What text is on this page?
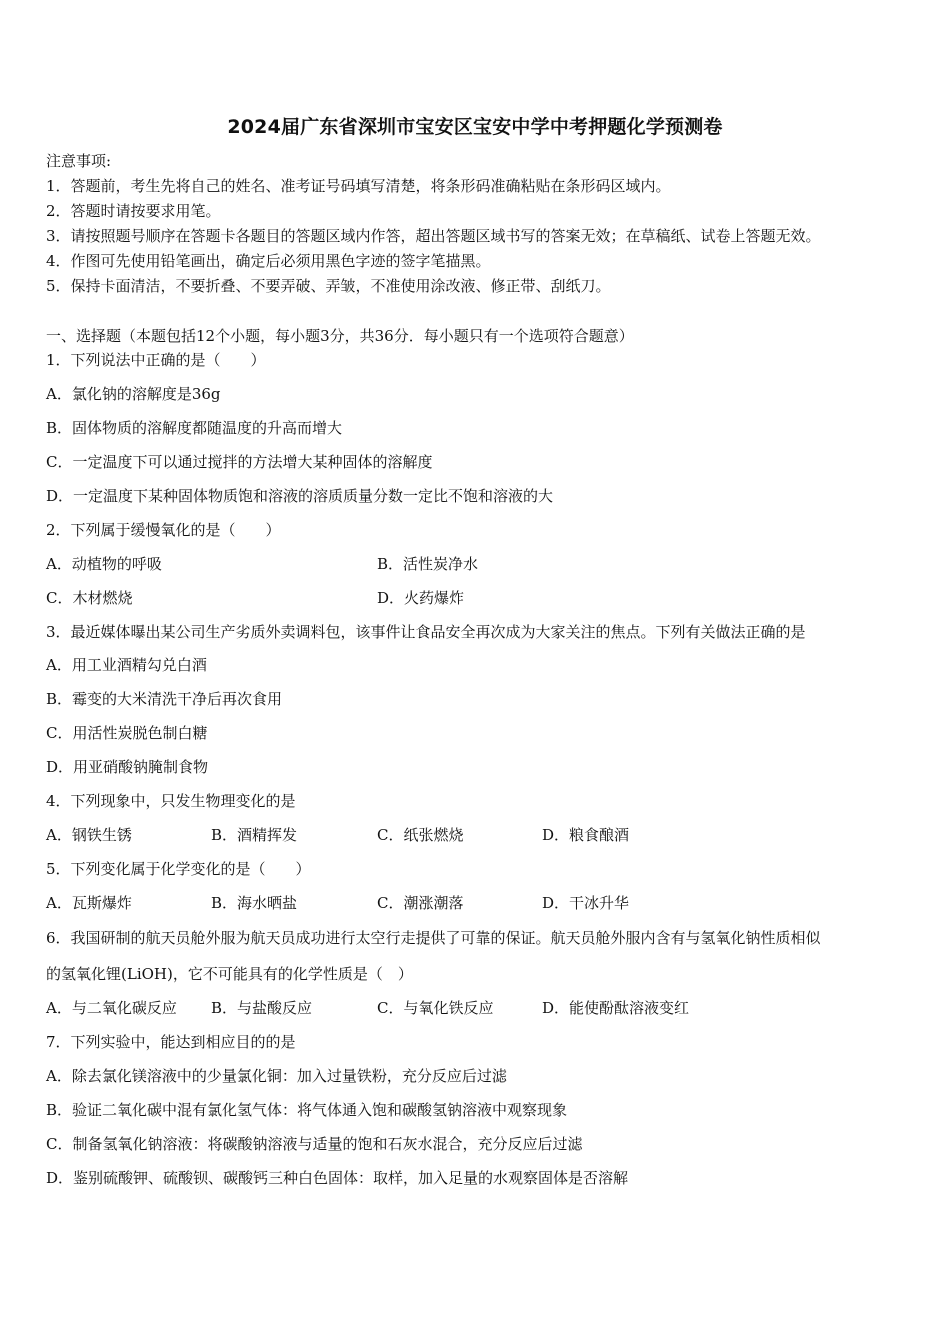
2024届广东省深圳市宝安区宝安中学中考押题化学预测卷
注意事项:
1．答题前，考生先将自己的姓名、准考证号码填写清楚，将条形码准确粘贴在条形码区域内。
2．答题时请按要求用笔。
3．请按照题号顺序在答题卡各题目的答题区域内作答，超出答题区域书写的答案无效；在草稿纸、试卷上答题无效。
4．作图可先使用铅笔画出，确定后必须用黑色字迹的签字笔描黑。
5．保持卡面清洁，不要折叠、不要弄破、弄皱，不准使用涂改液、修正带、刮纸刀。
一、选择题（本题包括12个小题，每小题3分，共36分．每小题只有一个选项符合题意）
1．下列说法中正确的是（　　）
A．氯化钠的溶解度是36g
B．固体物质的溶解度都随温度的升高而增大
C．一定温度下可以通过搅拌的方法增大某种固体的溶解度
D．一定温度下某种固体物质饱和溶液的溶质质量分数一定比不饱和溶液的大
2．下列属于缓慢氧化的是（　　）
A．动植物的呼吸	B．活性炭净水
C．木材燃烧	D．火药爆炸
3．最近媒体曝出某公司生产劣质外卖调料包，该事件让食品安全再次成为大家关注的焦点。下列有关做法正确的是
A．用工业酒精勾兑白酒
B．霉变的大米清洗干净后再次食用
C．用活性炭脱色制白糖
D．用亚硝酸钠腌制食物
4．下列现象中，只发生物理变化的是
A．钢铁生锈	B．酒精挥发	C．纸张燃烧	D．粮食酿酒
5．下列变化属于化学变化的是（　　）
A．瓦斯爆炸	B．海水晒盐	C．潮涨潮落	D．干冰升华
6．我国研制的航天员舱外服为航天员成功进行太空行走提供了可靠的保证。航天员舱外服内含有与氢氧化钠性质相似
的氢氧化锂(LiOH)，它不可能具有的化学性质是（　）
A．与二氧化碳反应 B．与盐酸反应	C．与氧化铁反应	D．能使酚酞溶液变红
7．下列实验中，能达到相应目的的是
A．除去氯化镁溶液中的少量氯化铜：加入过量铁粉，充分反应后过滤
B．验证二氧化碳中混有氯化氢气体：将气体通入饱和碳酸氢钠溶液中观察现象
C．制备氢氧化钠溶液：将碳酸钠溶液与适量的饱和石灰水混合，充分反应后过滤
D．鉴别硫酸钾、硫酸钡、碳酸钙三种白色固体：取样，加入足量的水观察固体是否溶解
